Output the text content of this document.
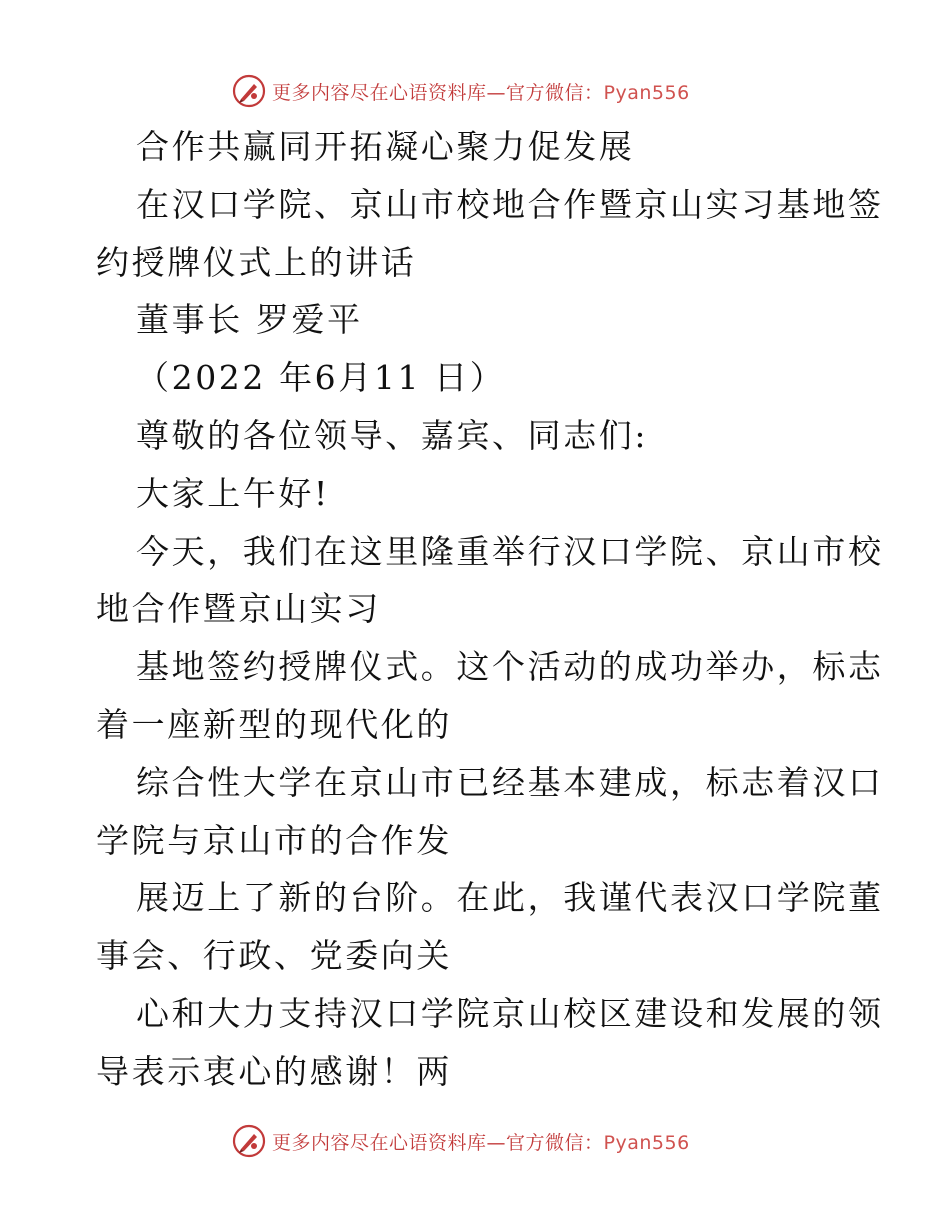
更多内容尽在心语资料库—官方微信：Pyan556
合作共赢同开拓凝心聚力促发展
在汉口学院、京山市校地合作暨京山实习基地签
约授牌仪式上的讲话
董事长 罗爱平
（2022 年6月11 日）
尊敬的各位领导、嘉宾、同志们:
大家上午好!
今天，我们在这里隆重举行汉口学院、京山市校
地合作暨京山实习
基地签约授牌仪式。这个活动的成功举办，标志
着一座新型的现代化的
综合性大学在京山市已经基本建成，标志着汉口
学院与京山市的合作发
展迈上了新的台阶。在此，我谨代表汉口学院董
事会、行政、党委向关
心和大力支持汉口学院京山校区建设和发展的领
导表示衷心的感谢！两
更多内容尽在心语资料库—官方微信：Pyan556
